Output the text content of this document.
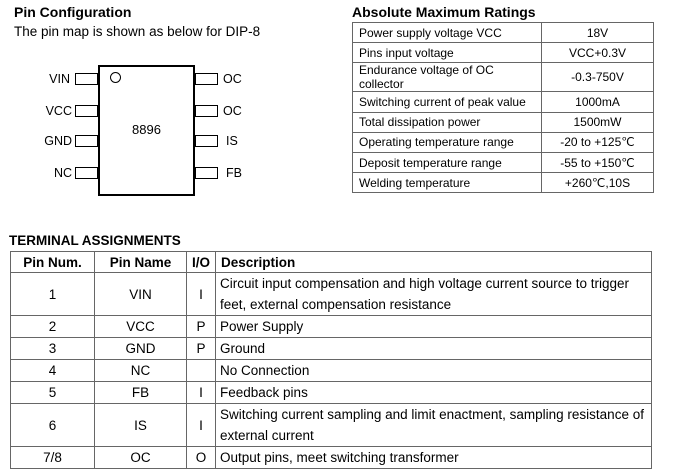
Pin Configuration
The pin map is shown as below for DIP-8
8896
VIN
VCC
GND
NC
OC
OC
IS
FB
Absolute Maximum Ratings
Power supply voltage VCC	18V
Pins input voltage	VCC+0.3V
Endurance voltage of OC collector	-0.3-750V
Switching current of peak value	1000mA
Total dissipation power	1500mW
Operating temperature range	-20 to +125℃
Deposit temperature range	-55 to +150℃
Welding temperature	+260℃,10S
TERMINAL ASSIGNMENTS
Pin Num.	Pin Name	I/O	Description
1	VIN	I	Circuit input compensation and high voltage current source to trigger feet, external compensation resistance
2	VCC	P	Power Supply
3	GND	P	Ground
4	NC		No Connection
5	FB	I	Feedback pins
6	IS	I	Switching current sampling and limit enactment, sampling resistance of external current
7/8	OC	O	Output pins, meet switching transformer
